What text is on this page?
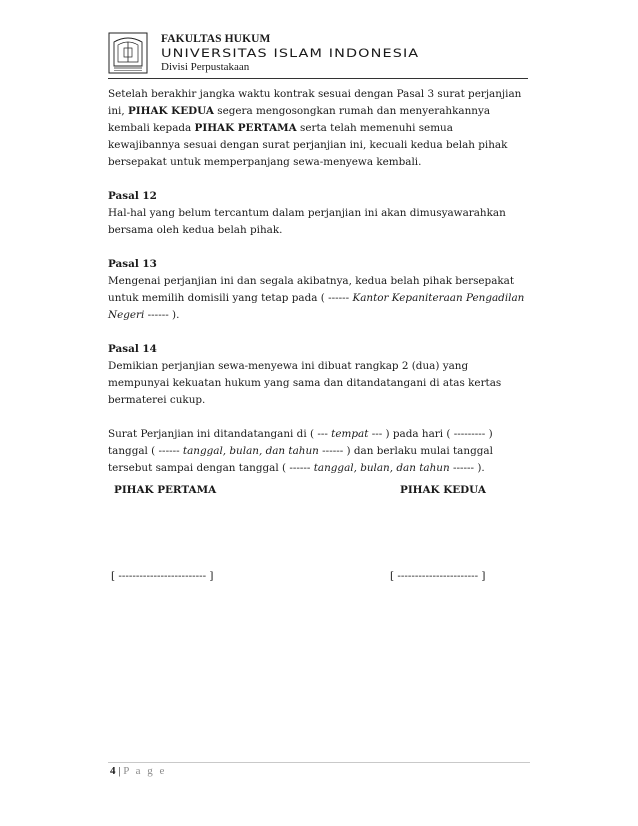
FAKULTAS HUKUM
UNIVERSITAS ISLAM INDONESIA
Divisi Perpustakaan

Setelah berakhir jangka waktu kontrak sesuai dengan Pasal 3 surat perjanjian

ini, PIHAK KEDUA segera mengosongkan rumah dan menyerahkannya

kembali kepada PIHAK PERTAMA serta telah memenuhi semua

kewajibannya sesuai dengan surat perjanjian ini, kecuali kedua belah pihak

bersepakat untuk memperpanjang sewa-menyewa kembali.

Pasal 12

Hal-hal yang belum tercantum dalam perjanjian ini akan dimusyawarahkan

bersama oleh kedua belah pihak.

Pasal 13

Mengenai perjanjian ini dan segala akibatnya, kedua belah pihak bersepakat

untuk memilih domisili yang tetap pada ( ------ Kantor Kepaniteraan Pengadilan

Negeri ------ ).

Pasal 14

Demikian perjanjian sewa-menyewa ini dibuat rangkap 2 (dua) yang

mempunyai kekuatan hukum yang sama dan ditandatangani di atas kertas

bermaterei cukup.

Surat Perjanjian ini ditandatangani di ( --- tempat --- ) pada hari ( --------- )

tanggal ( ------ tanggal, bulan, dan tahun ------ ) dan berlaku mulai tanggal

tersebut sampai dengan tanggal ( ------ tanggal, bulan, dan tahun ------ ).

PIHAK PERTAMA	PIHAK KEDUA
[ ------------------------- ]	[ ----------------------- ]
4 | P a g e
